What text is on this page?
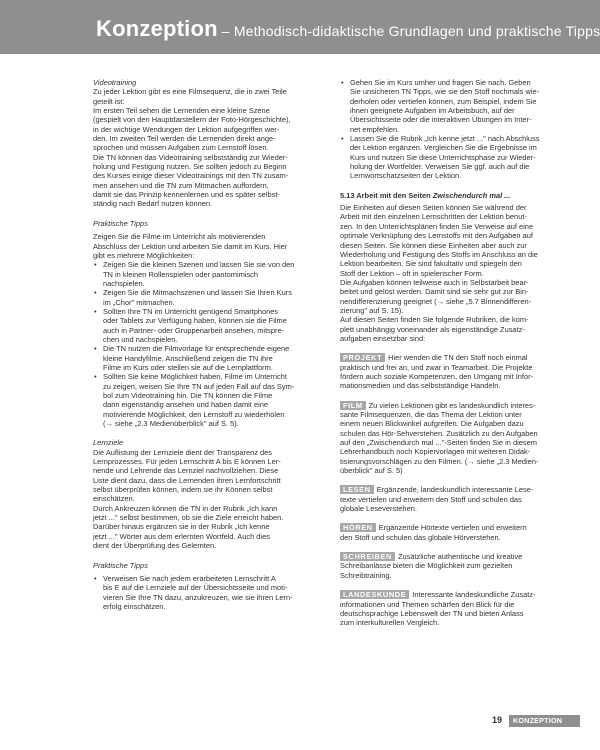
Konzeption – Methodisch-didaktische Grundlagen und praktische Tipps

Videotraining

Zu jeder Lektion gibt es eine Filmsequenz, die in zwei Teile
geteilt ist:
Im ersten Teil sehen die Lernenden eine kleine Szene
(gespielt von den Hauptdarstellern der Foto-Hörgeschichte),
in der wichtige Wendungen der Lektion aufgegriffen wer-
den. Im zweiten Teil werden die Lernenden direkt ange-
sprochen und müssen Aufgaben zum Lernstoff lösen.
Die TN können das Videotraining selbstständig zur Wieder-
holung und Festigung nutzen. Sie sollten jedoch zu Beginn
des Kurses einige dieser Videotrainings mit den TN zusam-
men ansehen und die TN zum Mitmachen auffordern,
damit sie das Prinzip kennenlernen und es später selbst-
ständig nach Bedarf nutzen können.

Praktische Tipps

Zeigen Sie die Filme im Unterricht als motivierenden
Abschluss der Lektion und arbeiten Sie damit im Kurs. Hier
gibt es mehrere Möglichkeiten:
• Zeigen Sie die kleinen Szenen und lassen Sie sie von den
TN in kleinen Rollenspielen oder pantomimisch
nachspielen.
• Zeigen Sie die Mitmachszenen und lassen Sie Ihren Kurs
im „Chor" mitmachen.
• Sollten Ihre TN im Unterricht genügend Smartphones
oder Tablets zur Verfügung haben, können sie die Filme
auch in Partner- oder Gruppenarbeit ansehen, mitspre-
chen und nachspielen.
• Die TN nutzen die Filmvorlage für entsprechende eigene
kleine Handyfilme. Anschließend zeigen die TN ihre
Filme im Kurs oder stellen sie auf die Lernplattform.
• Sollten Sie keine Möglichkeit haben, Filme im Unterricht
zu zeigen, weisen Sie Ihre TN auf jeden Fall auf das Sym-
bol zum Videotraining hin. Die TN können die Filme
dann eigenständig ansehen und haben damit eine
motivierende Möglichkeit, den Lernstoff zu wiederholen
(→ siehe „2.3 Medienüberblick" auf S. 5).

Lernziele

Die Auflistung der Lernziele dient der Transparenz des
Lernprozesses. Für jeden Lernschritt A bis E können Ler-
nende und Lehrende das Lernziel nachvollziehen. Diese
Liste dient dazu, dass die Lernenden ihren Lernfortschritt
selbst überprüfen können, indem sie ihr Können selbst
einschätzen.
Durch Ankreuzen können die TN in der Rubrik „Ich kann
jetzt ..." selbst bestimmen, ob sie die Ziele erreicht haben.
Darüber hinaus ergänzen sie in der Rubrik „Ich kenne
jetzt ..." Wörter aus dem erlernten Wortfeld. Auch dies
dient der Überprüfung des Gelernten.

Praktische Tipps

• Verweisen Sie nach jedem erarbeiteten Lernschritt A
bis E auf die Lernziele auf der Übersichtsseite und moti-
vieren Sie Ihre TN dazu, anzukreuzen, wie sie ihren Lern-
erfolg einschätzen.
• Gehen Sie im Kurs umher und fragen Sie nach. Geben
Sie unsicheren TN Tipps, wie sie den Stoff nochmals wie-
derholen oder vertiefen können, zum Beispiel, indem Sie
ihnen geeignete Aufgaben im Arbeitsbuch, auf der
Übersichtsseite oder die interaktiven Übungen im Inter-
net empfehlen.
• Lassen Sie die Rubrik „Ich kenne jetzt ..." nach Abschluss
der Lektion ergänzen. Vergleichen Sie die Ergebnisse im
Kurs und nutzen Sie diese Unterrichtsphase zur Wieder-
holung der Wortfelder. Verweisen Sie ggf. auch auf die
Lernwortschatzseiten der Lektion.

5.13 Arbeit mit den Seiten Zwischendurch mal ...

Die Einheiten auf diesen Seiten können Sie während der
Arbeit mit den einzelnen Lernschritten der Lektion benut-
zen. In den Unterrichtsplänen finden Sie Verweise auf eine
optimale Verknüpfung des Lernstoffs mit den Aufgaben auf
diesen Seiten. Sie können diese Einheiten aber auch zur
Wiederholung und Festigung des Stoffs im Anschluss an die
Lektion bearbeiten. Sie sind fakultativ und spiegeln den
Stoff der Lektion – oft in spielerischer Form.
Die Aufgaben können teilweise auch in Selbstarbeit bear-
beitet und gelöst werden. Damit sind sie sehr gut zur Bin-
nendifferenzierung geeignet (→ siehe „5.7 Binnendifferen-
zierung" auf S. 15).
Auf diesen Seiten finden Sie folgende Rubriken, die kom-
plett unabhängig voneinander als eigenständige Zusatz-
aufgaben einsetzbar sind:
PROJEKT Hier wenden die TN den Stoff noch einmal
praktisch und frei an, und zwar in Teamarbeit. Die Projekte
fördern auch soziale Kompetenzen, den Umgang mit Infor-
mationsmedien und das selbstständige Handeln.
FILM Zu vielen Lektionen gibt es landeskundlich interes-
sante Filmsequenzen, die das Thema der Lektion unter
einem neuen Blickwinkel aufgreifen. Die Aufgaben dazu
schulen das Hör-Sehverstehen. Zusätzlich zu den Aufgaben
auf den „Zwischendurch mal ..."-Seiten finden Sie in diesem
Lehrerhandbuch noch Kopiervorlagen mit weiteren Didak-
tisierungsvorschlägen zu den Filmen. (→ siehe „2.3 Medien-
überblick" auf S. 5)
LESEN Ergänzende, landeskundlich interessante Lese-
texte vertiefen und erweitern den Stoff und schulen das
globale Leseverstehen.
HÖREN Ergänzende Hörtexte vertiefen und erweitern
den Stoff und schulen das globale Hörverstehen.
SCHREIBEN Zusätzliche authentische und kreative
Schreibanlässe bieten die Möglichkeit zum gezielten
Schreibtraining.
LANDESKUNDE Interessante landeskundliche Zusatz-
informationen und Themen schärfen den Blick für die
deutschsprachige Lebenswelt der TN und bieten Anlass
zum interkulturellen Vergleich.
19	KONZEPTION
